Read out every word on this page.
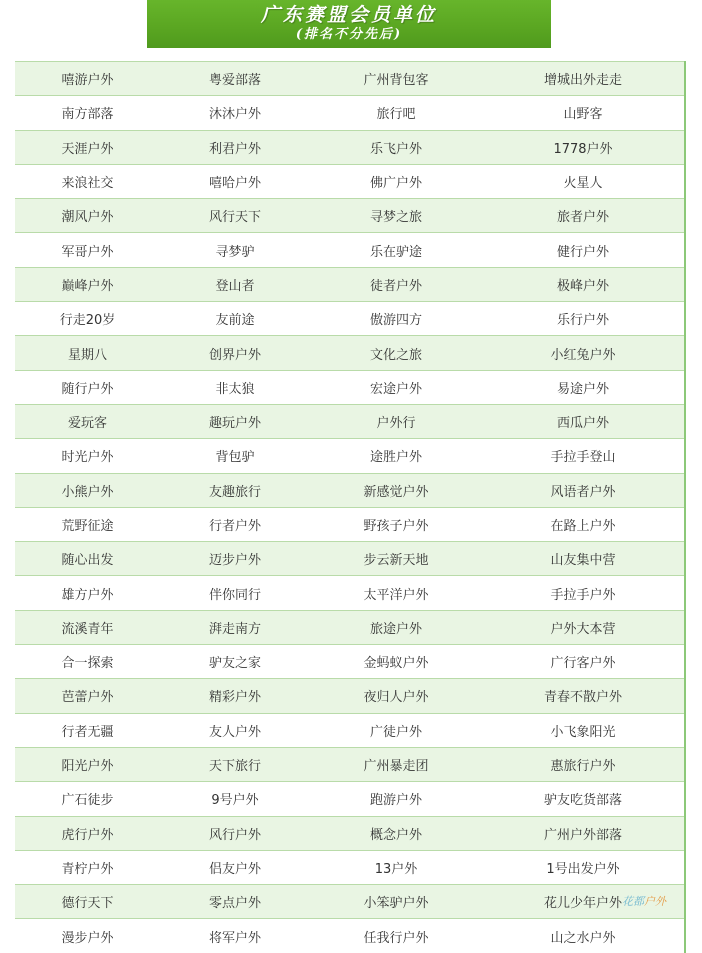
广东赛盟会员单位
(排名不分先后)
嘻游户外	粤爱部落	广州背包客	增城出外走走
南方部落	沐沐户外	旅行吧	山野客
天涯户外	利君户外	乐飞户外	1778户外
来浪社交	嘻哈户外	佛广户外	火星人
潮风户外	风行天下	寻梦之旅	旅者户外
军哥户外	寻梦驴	乐在驴途	健行户外
巅峰户外	登山者	徒者户外	极峰户外
行走20岁	友前途	傲游四方	乐行户外
星期八	创界户外	文化之旅	小红兔户外
随行户外	非太狼	宏途户外	易途户外
爱玩客	趣玩户外	户外行	西瓜户外
时光户外	背包驴	途胜户外	手拉手登山
小熊户外	友趣旅行	新感觉户外	风语者户外
荒野征途	行者户外	野孩子户外	在路上户外
随心出发	迈步户外	步云新天地	山友集中营
雄方户外	伴你同行	太平洋户外	手拉手户外
流溪青年	湃走南方	旅途户外	户外大本营
合一探索	驴友之家	金蚂蚁户外	广行客户外
芭蕾户外	精彩户外	夜归人户外	青春不散户外
行者无疆	友人户外	广徒户外	小飞象阳光
阳光户外	天下旅行	广州暴走团	惠旅行户外
广石徒步	9号户外	跑游户外	驴友吃货部落
虎行户外	风行户外	概念户外	广州户外部落
青柠户外	侣友户外	13户外	1号出发户外
德行天下	零点户外	小笨驴户外	花儿少年户外
漫步户外	将军户外	任我行户外	山之水户外
花都户外
